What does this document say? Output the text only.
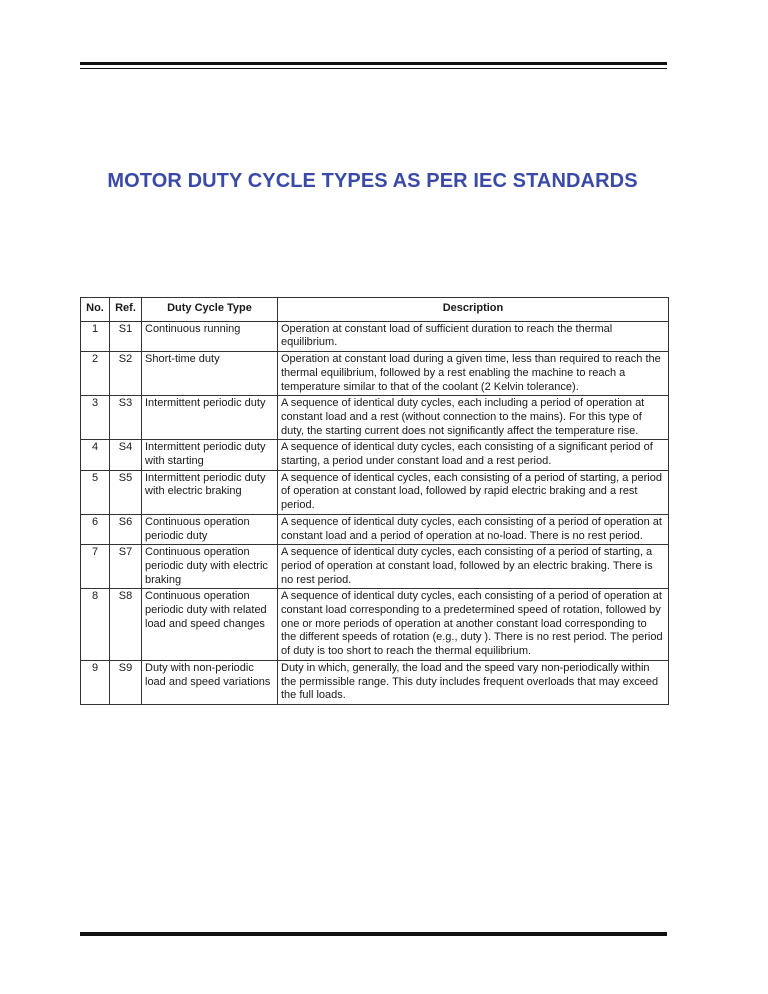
MOTOR DUTY CYCLE TYPES AS PER IEC STANDARDS
No.	Ref.	Duty Cycle Type	Description
1	S1	Continuous running	Operation at constant load of sufficient duration to reach the thermal equilibrium.
2	S2	Short-time duty	Operation at constant load during a given time, less than required to reach the thermal equilibrium, followed by a rest enabling the machine to reach a temperature similar to that of the coolant (2 Kelvin tolerance).
3	S3	Intermittent periodic duty	A sequence of identical duty cycles, each including a period of operation at constant load and a rest (without connection to the mains). For this type of duty, the starting current does not significantly affect the temperature rise.
4	S4	Intermittent periodic duty with starting	A sequence of identical duty cycles, each consisting of a significant period of starting, a period under constant load and a rest period.
5	S5	Intermittent periodic duty with electric braking	A sequence of identical cycles, each consisting of a period of starting, a period of operation at constant load, followed by rapid electric braking and a rest period.
6	S6	Continuous operation periodic duty	A sequence of identical duty cycles, each consisting of a period of operation at constant load and a period of operation at no-load. There is no rest period.
7	S7	Continuous operation periodic duty with electric braking	A sequence of identical duty cycles, each consisting of a period of starting, a period of operation at constant load, followed by an electric braking. There is no rest period.
8	S8	Continuous operation periodic duty with related load and speed changes	A sequence of identical duty cycles, each consisting of a period of operation at constant load corresponding to a predetermined speed of rotation, followed by one or more periods of operation at another constant load corresponding to the different speeds of rotation (e.g., duty ). There is no rest period. The period of duty is too short to reach the thermal equilibrium.
9	S9	Duty with non-periodic load and speed variations	Duty in which, generally, the load and the speed vary non-periodically within the permissible range. This duty includes frequent overloads that may exceed the full loads.
